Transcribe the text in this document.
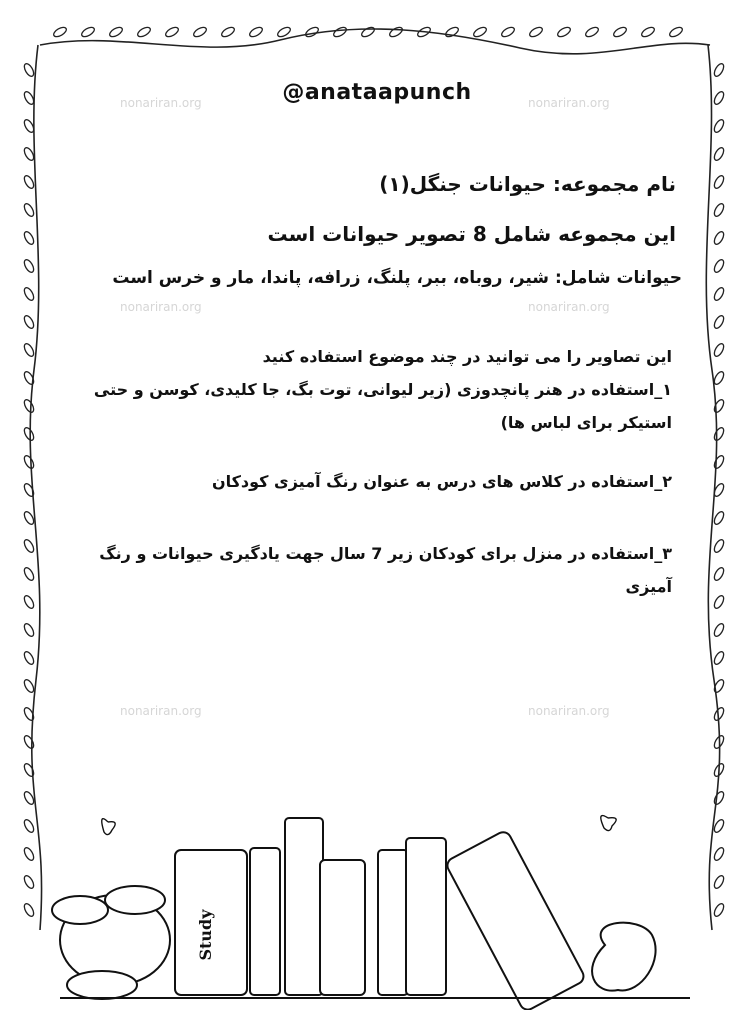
nonariran.org	nonariran.org
nonariran.org	nonariran.org
nonariran.org	nonariran.org
@anataapunch
نام مجموعه: حیوانات جنگل(۱)
این مجموعه شامل 8 تصویر حیوانات است
حیوانات شامل: شیر، روباه، ببر، پلنگ، زرافه، پاندا، مار و خرس است
این تصاویر را می توانید در چند موضوع استفاده کنید
۱_استفاده در هنر پانچدوزی (زیر لیوانی، توت بگ، جا کلیدی، کوسن و حتی استیکر برای لباس ها)
۲_استفاده در کلاس های درس به عنوان رنگ آمیزی کودکان
۳_استفاده در منزل برای کودکان زیر 7 سال جهت یادگیری حیوانات و رنگ آمیزی
Study
